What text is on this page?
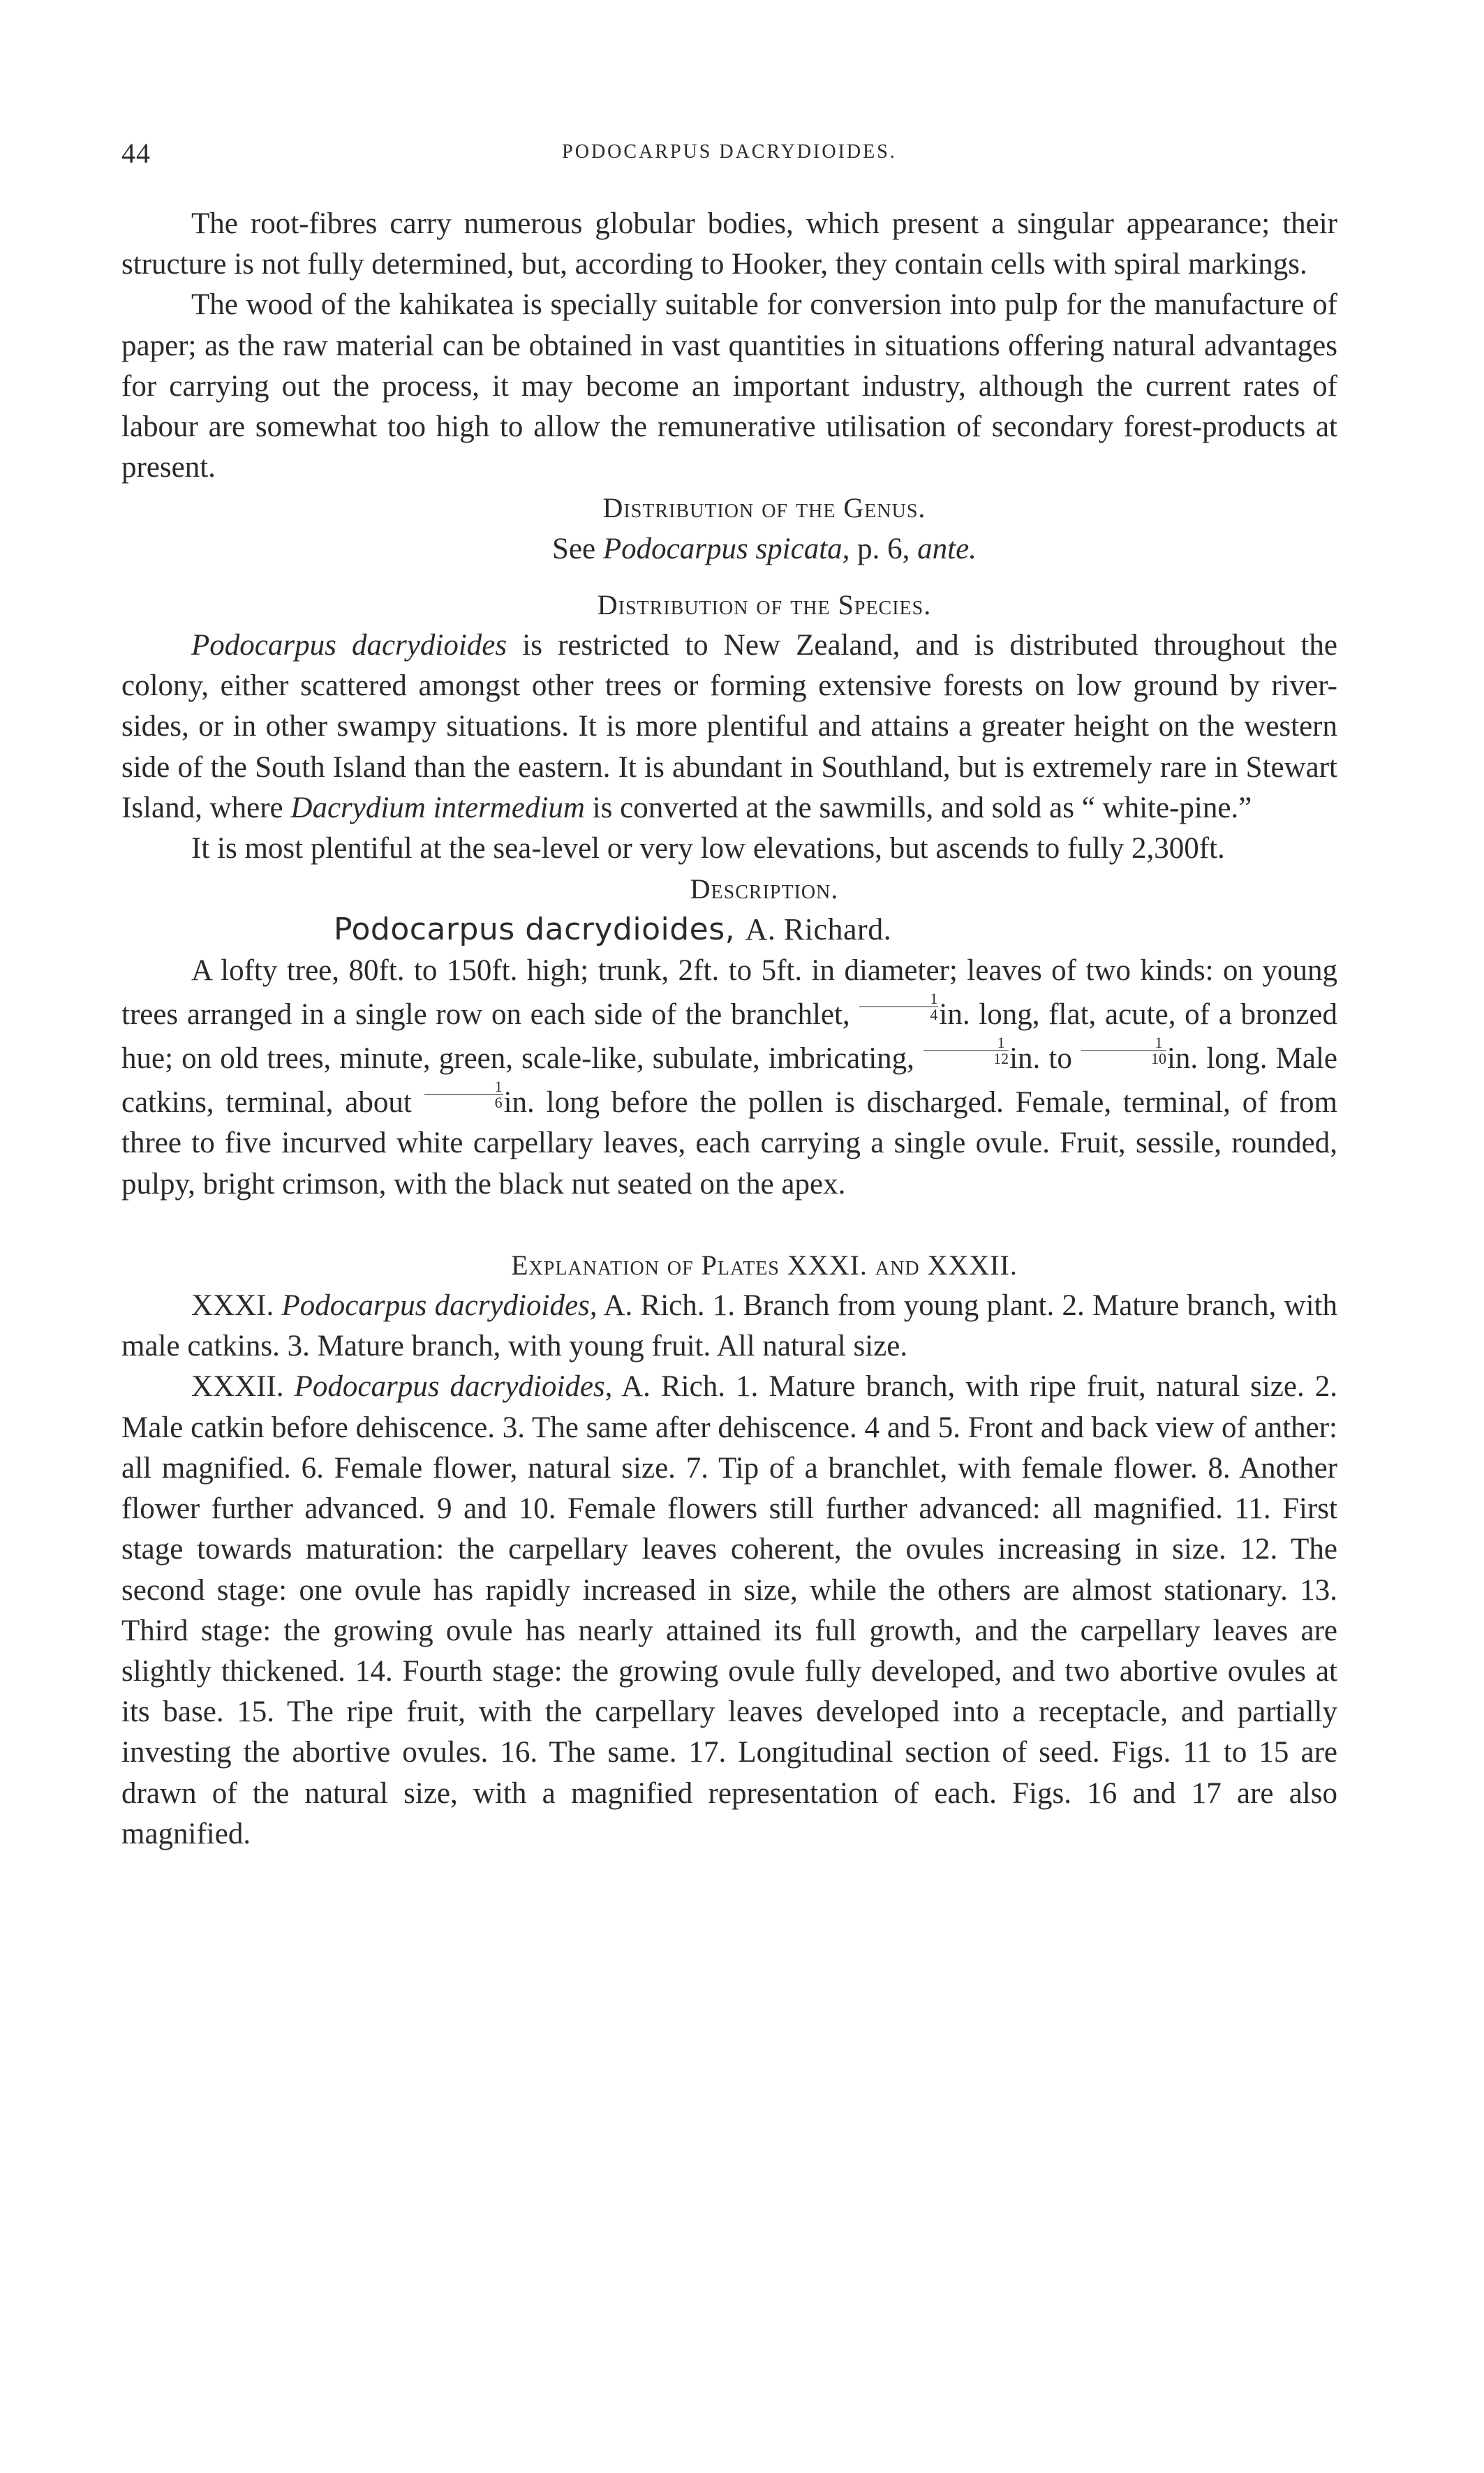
44	PODOCARPUS DACRYDIOIDES.

The root-fibres carry numerous globular bodies, which present a singular appearance; their structure is not fully determined, but, according to Hooker, they contain cells with spiral markings.

The wood of the kahikatea is specially suitable for conversion into pulp for the manufacture of paper; as the raw material can be obtained in vast quantities in situations offering natural advantages for carrying out the process, it may become an important industry, although the current rates of labour are somewhat too high to allow the remunerative utilisation of secondary forest-products at present.

Distribution of the Genus.

See Podocarpus spicata, p. 6, ante.

Distribution of the Species.

Podocarpus dacrydioides is restricted to New Zealand, and is distributed throughout the colony, either scattered amongst other trees or forming extensive forests on low ground by river-sides, or in other swampy situations. It is more plentiful and attains a greater height on the western side of the South Island than the eastern. It is abundant in Southland, but is extremely rare in Stewart Island, where Dacrydium intermedium is converted at the sawmills, and sold as “ white-pine.”

It is most plentiful at the sea-level or very low elevations, but ascends to fully 2,300ft.

Description.

Podocarpus dacrydioides, A. Richard.

A lofty tree, 80ft. to 150ft. high; trunk, 2ft. to 5ft. in diameter; leaves of two kinds: on young trees arranged in a single row on each side of the branchlet, $\frac{1}{4}$ in. long, flat, acute, of a bronzed hue; on old trees, minute, green, scale-like, subulate, imbricating, $\frac{1}{12}$ in. to $\frac{1}{10}$ in. long. Male catkins, terminal, about $\frac{1}{6}$ in. long before the pollen is discharged. Female, terminal, of from three to five incurved white carpellary leaves, each carrying a single ovule. Fruit, sessile, rounded, pulpy, bright crimson, with the black nut seated on the apex.

Explanation of Plates XXXI. and XXXII.

XXXI. Podocarpus dacrydioides, A. Rich. 1. Branch from young plant. 2. Mature branch, with male catkins. 3. Mature branch, with young fruit. All natural size.

XXXII. Podocarpus dacrydioides, A. Rich. 1. Mature branch, with ripe fruit, natural size. 2. Male catkin before dehiscence. 3. The same after dehiscence. 4 and 5. Front and back view of anther: all magnified. 6. Female flower, natural size. 7. Tip of a branchlet, with female flower. 8. Another flower further advanced. 9 and 10. Female flowers still further advanced: all magnified. 11. First stage towards maturation: the carpellary leaves coherent, the ovules increasing in size. 12. The second stage: one ovule has rapidly increased in size, while the others are almost stationary. 13. Third stage: the growing ovule has nearly attained its full growth, and the carpellary leaves are slightly thickened. 14. Fourth stage: the growing ovule fully developed, and two abortive ovules at its base. 15. The ripe fruit, with the carpellary leaves developed into a receptacle, and partially investing the abortive ovules. 16. The same. 17. Longitudinal section of seed. Figs. 11 to 15 are drawn of the natural size, with a magnified representation of each. Figs. 16 and 17 are also magnified.
